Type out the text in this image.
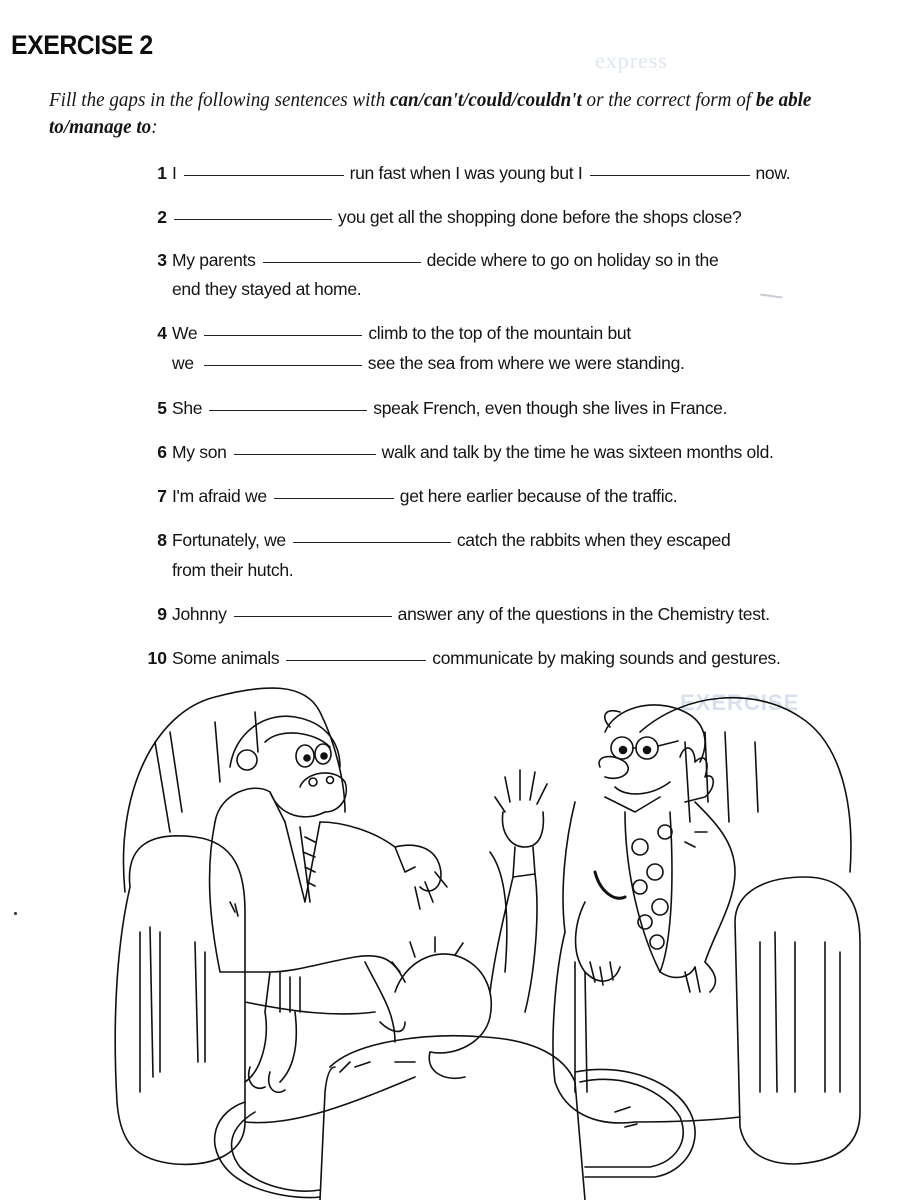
express
EXERCISE
EXERCISE 2
Fill the gaps in the following sentences with can/can't/could/couldn't or the correct form of be able to/manage to:
1 I	run fast when I was young but I	now.
2	you get all the shopping done before the shops close?
3 My parents	decide where to go on holiday so in the
end they stayed at home.
4 We	climb to the top of the mountain but
we	see the sea from where we were standing.
5 She	speak French, even though she lives in France.
6 My son	walk and talk by the time he was sixteen months old.
7 I'm afraid we	get here earlier because of the traffic.
8 Fortunately, we	catch the rabbits when they escaped
from their hutch.
9 Johnny	answer any of the questions in the Chemistry test.
10 Some animals	communicate by making sounds and gestures.
